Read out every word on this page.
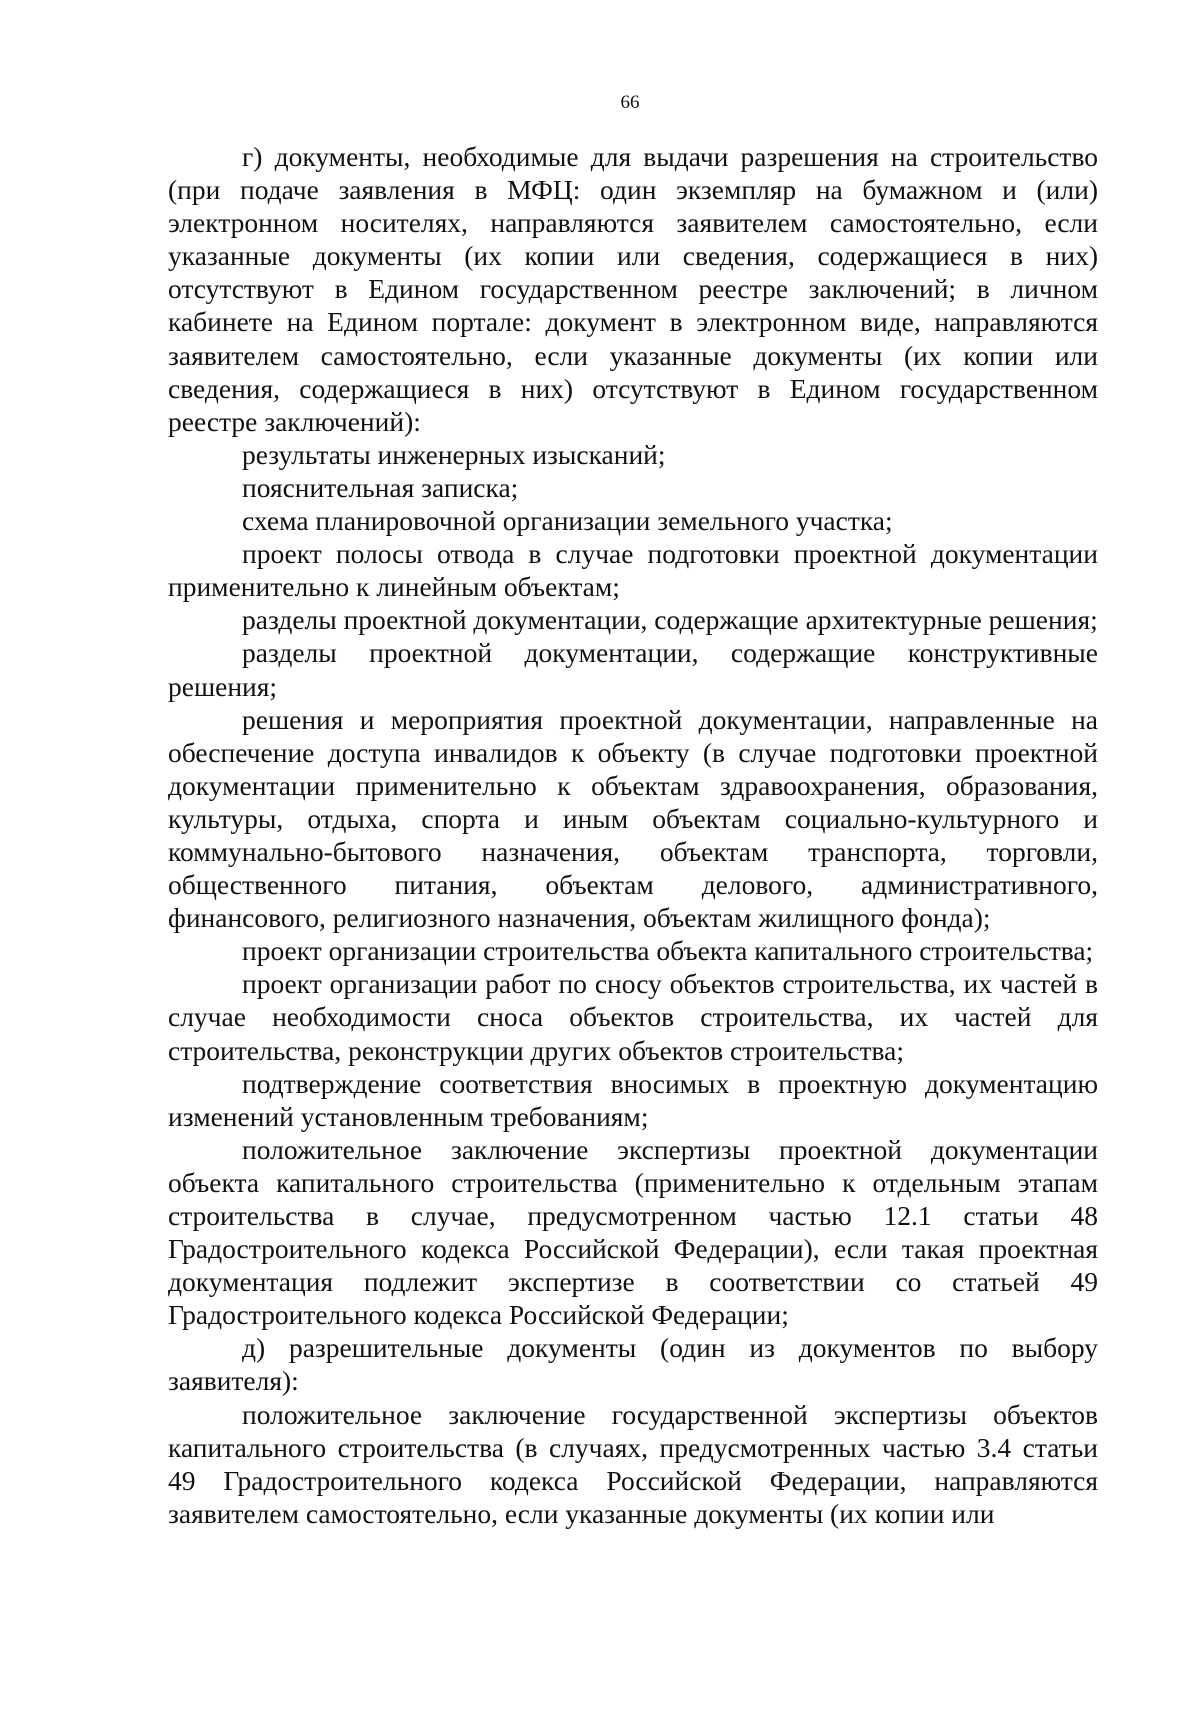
66

г) документы, необходимые для выдачи разрешения на строительство (при подаче заявления в МФЦ: один экземпляр на бумажном и (или) электронном носителях, направляются заявителем самостоятельно, если указанные документы (их копии или сведения, содержащиеся в них) отсутствуют в Едином государственном реестре заключений; в личном кабинете на Едином портале: документ в электронном виде, направляются заявителем самостоятельно, если указанные документы (их копии или сведения, содержащиеся в них) отсутствуют в Едином государственном реестре заключений):

результаты инженерных изысканий;

пояснительная записка;

схема планировочной организации земельного участка;

проект полосы отвода в случае подготовки проектной документации применительно к линейным объектам;

разделы проектной документации, содержащие архитектурные решения;

разделы проектной документации, содержащие конструктивные решения;

решения и мероприятия проектной документации, направленные на обеспечение доступа инвалидов к объекту (в случае подготовки проектной документации применительно к объектам здравоохранения, образования, культуры, отдыха, спорта и иным объектам социально-культурного и коммунально-бытового назначения, объектам транспорта, торговли, общественного питания, объектам делового, административного, финансового, религиозного назначения, объектам жилищного фонда);

проект организации строительства объекта капитального строительства;

проект организации работ по сносу объектов строительства, их частей в случае необходимости сноса объектов строительства, их частей для строительства, реконструкции других объектов строительства;

подтверждение соответствия вносимых в проектную документацию изменений установленным требованиям;

положительное заключение экспертизы проектной документации объекта капитального строительства (применительно к отдельным этапам строительства в случае, предусмотренном частью 12.1 статьи 48 Градостроительного кодекса Российской Федерации), если такая проектная документация подлежит экспертизе в соответствии со статьей 49 Градостроительного кодекса Российской Федерации;

д) разрешительные документы (один из документов по выбору заявителя):

положительное заключение государственной экспертизы объектов капитального строительства (в случаях, предусмотренных частью 3.4 статьи 49 Градостроительного кодекса Российской Федерации, направляются заявителем самостоятельно, если указанные документы (их копии или
